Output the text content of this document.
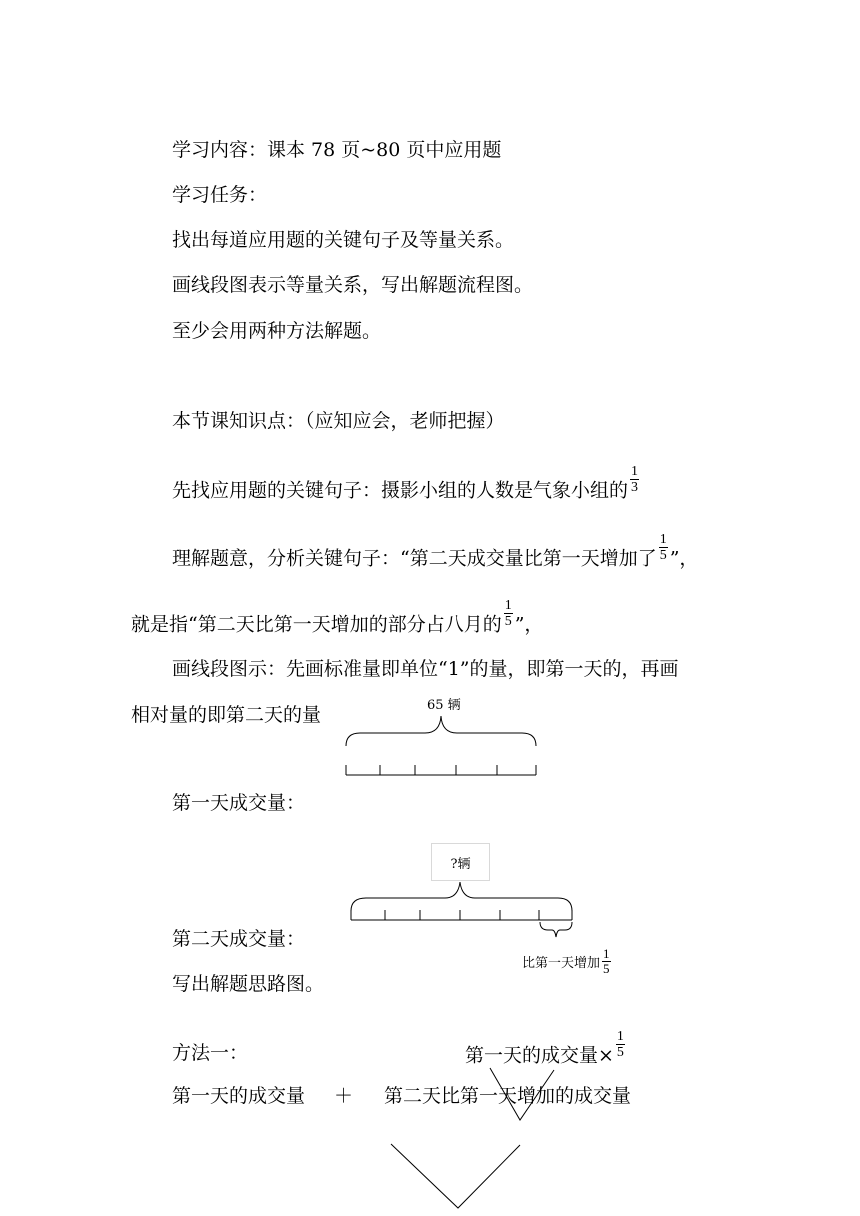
学习内容：课本 78 页~80 页中应用题
学习任务：
找出每道应用题的关键句子及等量关系。
画线段图表示等量关系，写出解题流程图。
至少会用两种方法解题。
本节课知识点：（应知应会，老师把握）
先找应用题的关键句子：摄影小组的人数是气象小组的 $\frac{1}{3}$
理解题意，分析关键句子：“第二天成交量比第一天增加了 $\frac{1}{5}$ ”，
就是指“第二天比第一天增加的部分占八月的 $\frac{1}{5}$ ”，
画线段图示：先画标准量即单位“1”的量，即第一天的，再画
相对量的即第二天的量	65 辆
第一天成交量：
?辆
第二天成交量：
比第一天增加 $\frac{1}{5}$
写出解题思路图。
方法一：	第一天的成交量× $\frac{1}{5}$
第一天的成交量 ＋ 第二天比第一天增加的成交量
